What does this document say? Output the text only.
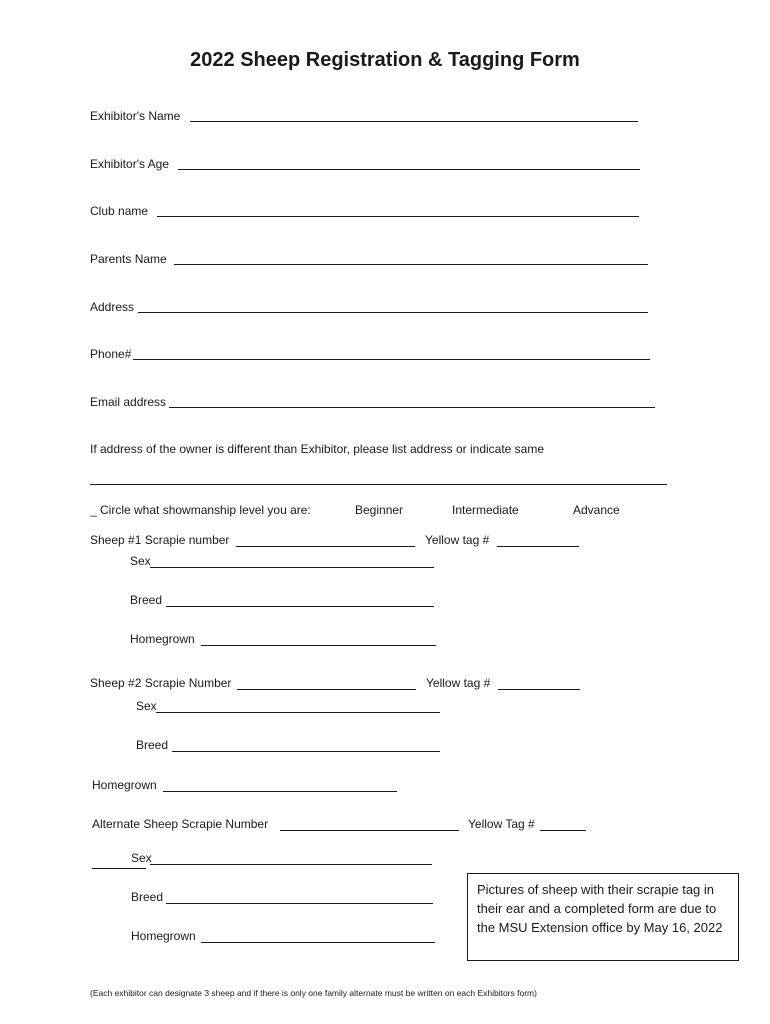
2022 Sheep Registration & Tagging Form
Exhibitor's Name
Exhibitor's Age
Club name
Parents Name
Address
Phone#
Email address
If address of the owner is different than Exhibitor, please list address or indicate same
_ Circle what showmanship level you are:	Beginner	Intermediate	Advance
Sheep #1 Scrapie number	Yellow tag #
Sex
Breed
Homegrown
Sheep #2 Scrapie Number	Yellow tag #
Sex
Breed
Homegrown
Alternate Sheep Scrapie Number	Yellow Tag #
Sex
Breed
Homegrown
Pictures of sheep with their scrapie tag in their ear and a completed form are due to the MSU Extension office by May 16, 2022
(Each exhibitor can designate 3 sheep and if there is only one family alternate must be written on each Exhibitors form)
